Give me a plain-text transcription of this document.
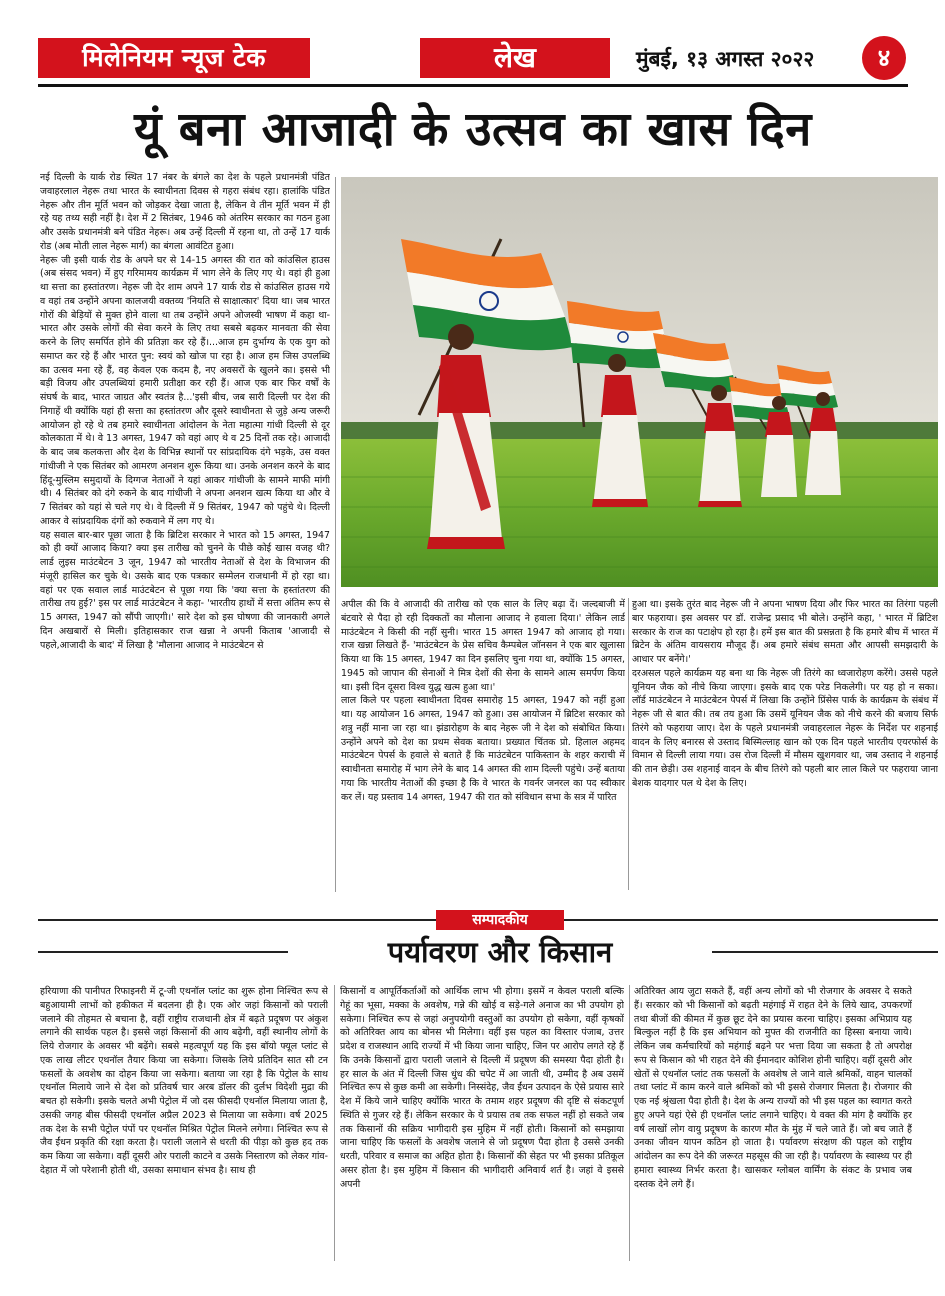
मिलेनियम न्यूज टेक	लेख	मुंबई, १३ अगस्त २०२२	४
यूं बना आजादी के उत्सव का खास दिन

नई दिल्ली के यार्क रोड स्थित 17 नंबर के बंगले का देश के पहले प्रधानमंत्री पंडित जवाहरलाल नेहरू तथा भारत के स्वाधीनता दिवस से गहरा संबंध रहा। हालांकि पंडित नेहरू और तीन मूर्ति भवन को जोड़कर देखा जाता है, लेकिन वे तीन मूर्ति भवन में ही रहे यह तथ्य सही नहीं है। देश में 2 सितंबर, 1946 को अंतरिम सरकार का गठन हुआ और उसके प्रधानमंत्री बने पंडित नेहरू। अब उन्हें दिल्ली में रहना था, तो उन्हें 17 यार्क रोड (अब मोती लाल नेहरू मार्ग) का बंगला आवंटित हुआ।

नेहरू जी इसी यार्क रोड के अपने घर से 14-15 अगस्त की रात को कांउसिल हाउस (अब संसद भवन) में हुए गरिमामय कार्यक्रम में भाग लेने के लिए गए थे। वहां ही हुआ था सत्ता का हस्तांतरण। नेहरू जी देर शाम अपने 17 यार्क रोड से कांउसिल हाउस गये व वहां तब उन्होंने अपना कालजयी वक्तव्य 'नियति से साक्षात्कार' दिया था। जब भारत गोरों की बेड़ियों से मुक्त होने वाला था तब उन्होंने अपने ओजस्वी भाषण में कहा था- भारत और उसके लोगों की सेवा करने के लिए तथा सबसे बढ़कर मानवता की सेवा करने के लिए समर्पित होने की प्रतिज्ञा कर रहे हैं।...आज हम दुर्भाग्य के एक युग को समाप्त कर रहे हैं और भारत पुन: स्वयं को खोज पा रहा है। आज हम जिस उपलब्धि का उत्सव मना रहे हैं, वह केवल एक कदम है, नए अवसरों के खुलने का। इससे भी बड़ी विजय और उपलब्धियां हमारी प्रतीक्षा कर रही हैं। आज एक बार फिर वर्षों के संघर्ष के बाद, भारत जाग्रत और स्वतंत्र है...'इसी बीच, जब सारी दिल्ली पर देश की निगाहें थी क्योंकि यहां ही सत्ता का हस्तांतरण और दूसरे स्वाधीनता से जुड़े अन्य जरूरी आयोजन हो रहे थे तब हमारे स्वाधीनता आंदोलन के नेता महात्मा गांधी दिल्ली से दूर कोलकाता में थे। वे 13 अगस्त, 1947 को वहां आए थे व 25 दिनों तक रहे। आजादी के बाद जब कलकत्ता और देश के विभिन्न स्थानों पर सांप्रदायिक दंगे भड़के, उस वक्त गांधीजी ने एक सितंबर को आमरण अनशन शुरू किया था। उनके अनशन करने के बाद हिंदू-मुस्लिम समुदायों के दिग्गज नेताओं ने यहां आकर गांधीजी के सामने माफी मांगी थी। 4 सितंबर को दंगे रुकने के बाद गांधीजी ने अपना अनशन खत्म किया था और वे 7 सितंबर को यहां से चले गए थे। वे दिल्ली में 9 सितंबर, 1947 को पहुंचे थे। दिल्ली आकर वे सांप्रदायिक दंगों को रुकवाने में लग गए थे।

यह सवाल बार-बार पूछा जाता है कि ब्रिटिश सरकार ने भारत को 15 अगस्त, 1947 को ही क्यों आजाद किया? क्या इस तारीख को चुनने के पीछे कोई खास वजह थी? लार्ड लुइस माउंटबेटन 3 जून, 1947 को भारतीय नेताओं से देश के विभाजन की मंजूरी हासिल कर चुके थे। उसके बाद एक पत्रकार सम्मेलन राजधानी में हो रहा था। वहां पर एक सवाल लार्ड माउंटबेटन से पूछा गया कि 'क्या सत्ता के हस्तांतरण की तारीख तय हुई?' इस पर लार्ड माउंटबेटन ने कहा- 'भारतीय हाथों में सत्ता अंतिम रूप से 15 अगस्त, 1947 को सौंपी जाएगी।' सारे देश को इस घोषणा की जानकारी अगले दिन अखबारों से मिली। इतिहासकार राज खन्ना ने अपनी किताब 'आजादी से पहले,आजादी के बाद' में लिखा है 'मौलाना आजाद ने माउंटबेटन से

अपील की कि वे आजादी की तारीख को एक साल के लिए बढ़ा दें। जल्दबाजी में बंटवारे से पैदा हो रही दिक्कतों का मौलाना आजाद ने हवाला दिया।' लेकिन लार्ड माउंटबेटन ने किसी की नहीं सुनी। भारत 15 अगस्त 1947 को आजाद हो गया। राज खन्ना लिखते हैं- 'माउंटबेटन के प्रेस सचिव कैम्पबेल जॉनसन ने एक बार खुलासा किया था कि 15 अगस्त, 1947 का दिन इसलिए चुना गया था, क्योंकि 15 अगस्त, 1945 को जापान की सेनाओं ने मित्र देशों की सेना के सामने आत्म समर्पण किया था। इसी दिन दूसरा विश्व युद्ध खत्म हुआ था।'

लाल किले पर पहला स्वाधीनता दिवस समारोह 15 अगस्त, 1947 को नहीं हुआ था। यह आयोजन 16 अगस्त, 1947 को हुआ। उस आयोजन में ब्रिटिश सरकार को शत्रु नहीं माना जा रहा था। झंडारोहण के बाद नेहरू जी ने देश को संबोधित किया। उन्होंने अपने को देश का प्रथम सेवक बताया। प्रख्यात चिंतक प्रो. हिलाल अहमद माउंटबेटन पेपर्स के हवाले से बताते हैं कि माउंटबेटन पाकिस्तान के शहर कराची में स्वाधीनता समारोह में भाग लेने के बाद 14 अगस्त की शाम दिल्ली पहुंचे। उन्हें बताया गया कि भारतीय नेताओं की इच्छा है कि वे भारत के गवर्नर जनरल का पद स्वीकार कर लें। यह प्रस्ताव 14 अगस्त, 1947 की रात को संविधान सभा के सत्र में पारित

हुआ था। इसके तुरंत बाद नेहरू जी ने अपना भाषण दिया और फिर भारत का तिरंगा पहली बार फहराया। इस अवसर पर डॉ. राजेन्द्र प्रसाद भी बोले। उन्होंने कहा, ' भारत में ब्रिटिश सरकार के राज का पटाक्षेप हो रहा है। हमें इस बात की प्रसन्नता है कि हमारे बीच में भारत में ब्रिटेन के अंतिम वायसराय मौजूद हैं। अब हमारे संबंध समता और आपसी समझदारी के आधार पर बनेंगे।'

दरअसल पहले कार्यक्रम यह बना था कि नेहरू जी तिरंगे का ध्वजारोहण करेंगे। उससे पहले यूनियन जैक को नीचे किया जाएगा। इसके बाद एक परेड निकलेगी। पर यह हो न सका। लॉर्ड माउंटबेटन ने माउंटबेटन पेपर्स में लिखा कि उन्होंने प्रिंसेस पार्क के कार्यक्रम के संबंध में नेहरू जी से बात की। तब तय हुआ कि उसमें यूनियन जैक को नीचे करने की बजाय सिर्फ तिरंगे को फहराया जाए। देश के पहले प्रधानमंत्री जवाहरलाल नेहरू के निर्देश पर शहनाई वादन के लिए बनारस से उस्ताद बिस्मिल्लाह खान को एक दिन पहले भारतीय एयरफोर्स के विमान से दिल्ली लाया गया। उस रोज दिल्ली में मौसम खुशगवार था, जब उस्ताद ने शहनाई की तान छेड़ी। उस शहनाई वादन के बीच तिरंगे को पहली बार लाल किले पर फहराया जाना बेशक यादगार पल थे देश के लिए।

सम्पादकीय
पर्यावरण और किसान
हरियाणा की पानीपत रिफाइनरी में टू-जी एथनॉल प्लांट का शुरू होना निश्चित रूप से बहुआयामी लाभों को हकीकत में बदलना ही है। एक ओर जहां किसानों को पराली जलाने की तोहमत से बचाना है, वहीं राष्ट्रीय राजधानी क्षेत्र में बढ़ते प्रदूषण पर अंकुश लगाने की सार्थक पहल है। इससे जहां किसानों की आय बढ़ेगी, वहीं स्थानीय लोगों के लिये रोजगार के अवसर भी बढ़ेंगे। सबसे महत्वपूर्ण यह कि इस बॉयो फ्यूल प्लांट से एक लाख लीटर एथनॉल तैयार किया जा सकेगा। जिसके लिये प्रतिदिन सात सौ टन फसलों के अवशेष का दोहन किया जा सकेगा। बताया जा रहा है कि पेट्रोल के साथ एथनॉल मिलाये जाने से देश को प्रतिवर्ष चार अरब डॉलर की दुर्लभ विदेशी मुद्रा की बचत हो सकेगी। इसके चलते अभी पेट्रोल में जो दस फीसदी एथनॉल मिलाया जाता है, उसकी जगह बीस फीसदी एथनॉल अप्रैल 2023 से मिलाया जा सकेगा। वर्ष 2025 तक देश के सभी पेट्रोल पंपों पर एथनॉल मिश्रित पेट्रोल मिलने लगेगा। निश्चित रूप से जैव ईंधन प्रकृति की रक्षा करता है। पराली जलाने से धरती की पीड़ा को कुछ हद तक कम किया जा सकेगा। वहीं दूसरी ओर पराली काटने व उसके निस्तारण को लेकर गांव-देहात में जो परेशानी होती थी, उसका समाधान संभव है। साथ ही
किसानों व आपूर्तिकर्ताओं को आर्थिक लाभ भी होगा। इसमें न केवल पराली बल्कि गेहूं का भूसा, मक्का के अवशेष, गन्ने की खोई व सड़े-गले अनाज का भी उपयोग हो सकेगा। निश्चित रूप से जहां अनुपयोगी वस्तुओं का उपयोग हो सकेगा, वहीं कृषकों को अतिरिक्त आय का बोनस भी मिलेगा। वहीं इस पहल का विस्तार पंजाब, उत्तर प्रदेश व राजस्थान आदि राज्यों में भी किया जाना चाहिए, जिन पर आरोप लगते रहे हैं कि उनके किसानों द्वारा पराली जलाने से दिल्ली में प्रदूषण की समस्या पैदा होती है। हर साल के अंत में दिल्ली जिस धुंध की चपेट में आ जाती थी, उम्मीद है अब उसमें निश्चित रूप से कुछ कमी आ सकेगी। निस्संदेह, जैव ईंधन उत्पादन के ऐसे प्रयास सारे देश में किये जाने चाहिए क्योंकि भारत के तमाम शहर प्रदूषण की दृष्टि से संकटपूर्ण स्थिति से गुजर रहे हैं। लेकिन सरकार के ये प्रयास तब तक सफल नहीं हो सकते जब तक किसानों की सक्रिय भागीदारी इस मुहिम में नहीं होती। किसानों को समझाया जाना चाहिए कि फसलों के अवशेष जलाने से जो प्रदूषण पैदा होता है उससे उनकी धरती, परिवार व समाज का अहित होता है। किसानों की सेहत पर भी इसका प्रतिकूल असर होता है। इस मुहिम में किसान की भागीदारी अनिवार्य शर्त है। जहां वे इससे अपनी
अतिरिक्त आय जुटा सकते हैं, वहीं अन्य लोगों को भी रोजगार के अवसर दे सकते हैं। सरकार को भी किसानों को बढ़ती महंगाई में राहत देने के लिये खाद, उपकरणों तथा बीजों की कीमत में कुछ छूट देने का प्रयास करना चाहिए। इसका अभिप्राय यह बिल्कुल नहीं है कि इस अभियान को मुफ्त की राजनीति का हिस्सा बनाया जाये। लेकिन जब कर्मचारियों को महंगाई बढ़ने पर भत्ता दिया जा सकता है तो अपरोक्ष रूप से किसान को भी राहत देने की ईमानदार कोशिश होनी चाहिए। वहीं दूसरी ओर खेतों से एथनॉल प्लांट तक फसलों के अवशेष ले जाने वाले श्रमिकों, वाहन चालकों तथा प्लांट में काम करने वाले श्रमिकों को भी इससे रोजगार मिलता है। रोजगार की एक नई श्रृंखला पैदा होती है। देश के अन्य राज्यों को भी इस पहल का स्वागत करते हुए अपने यहां ऐसे ही एथनॉल प्लांट लगाने चाहिए। ये वक्त की मांग है क्योंकि हर वर्ष लाखों लोग वायु प्रदूषण के कारण मौत के मुंह में चले जाते हैं। जो बच जाते हैं उनका जीवन यापन कठिन हो जाता है। पर्यावरण संरक्षण की पहल को राष्ट्रीय आंदोलन का रूप देने की जरूरत महसूस की जा रही है। पर्यावरण के स्वास्थ्य पर ही हमारा स्वास्थ्य निर्भर करता है। खासकर ग्लोबल वार्मिंग के संकट के प्रभाव जब दस्तक देने लगे हैं।
